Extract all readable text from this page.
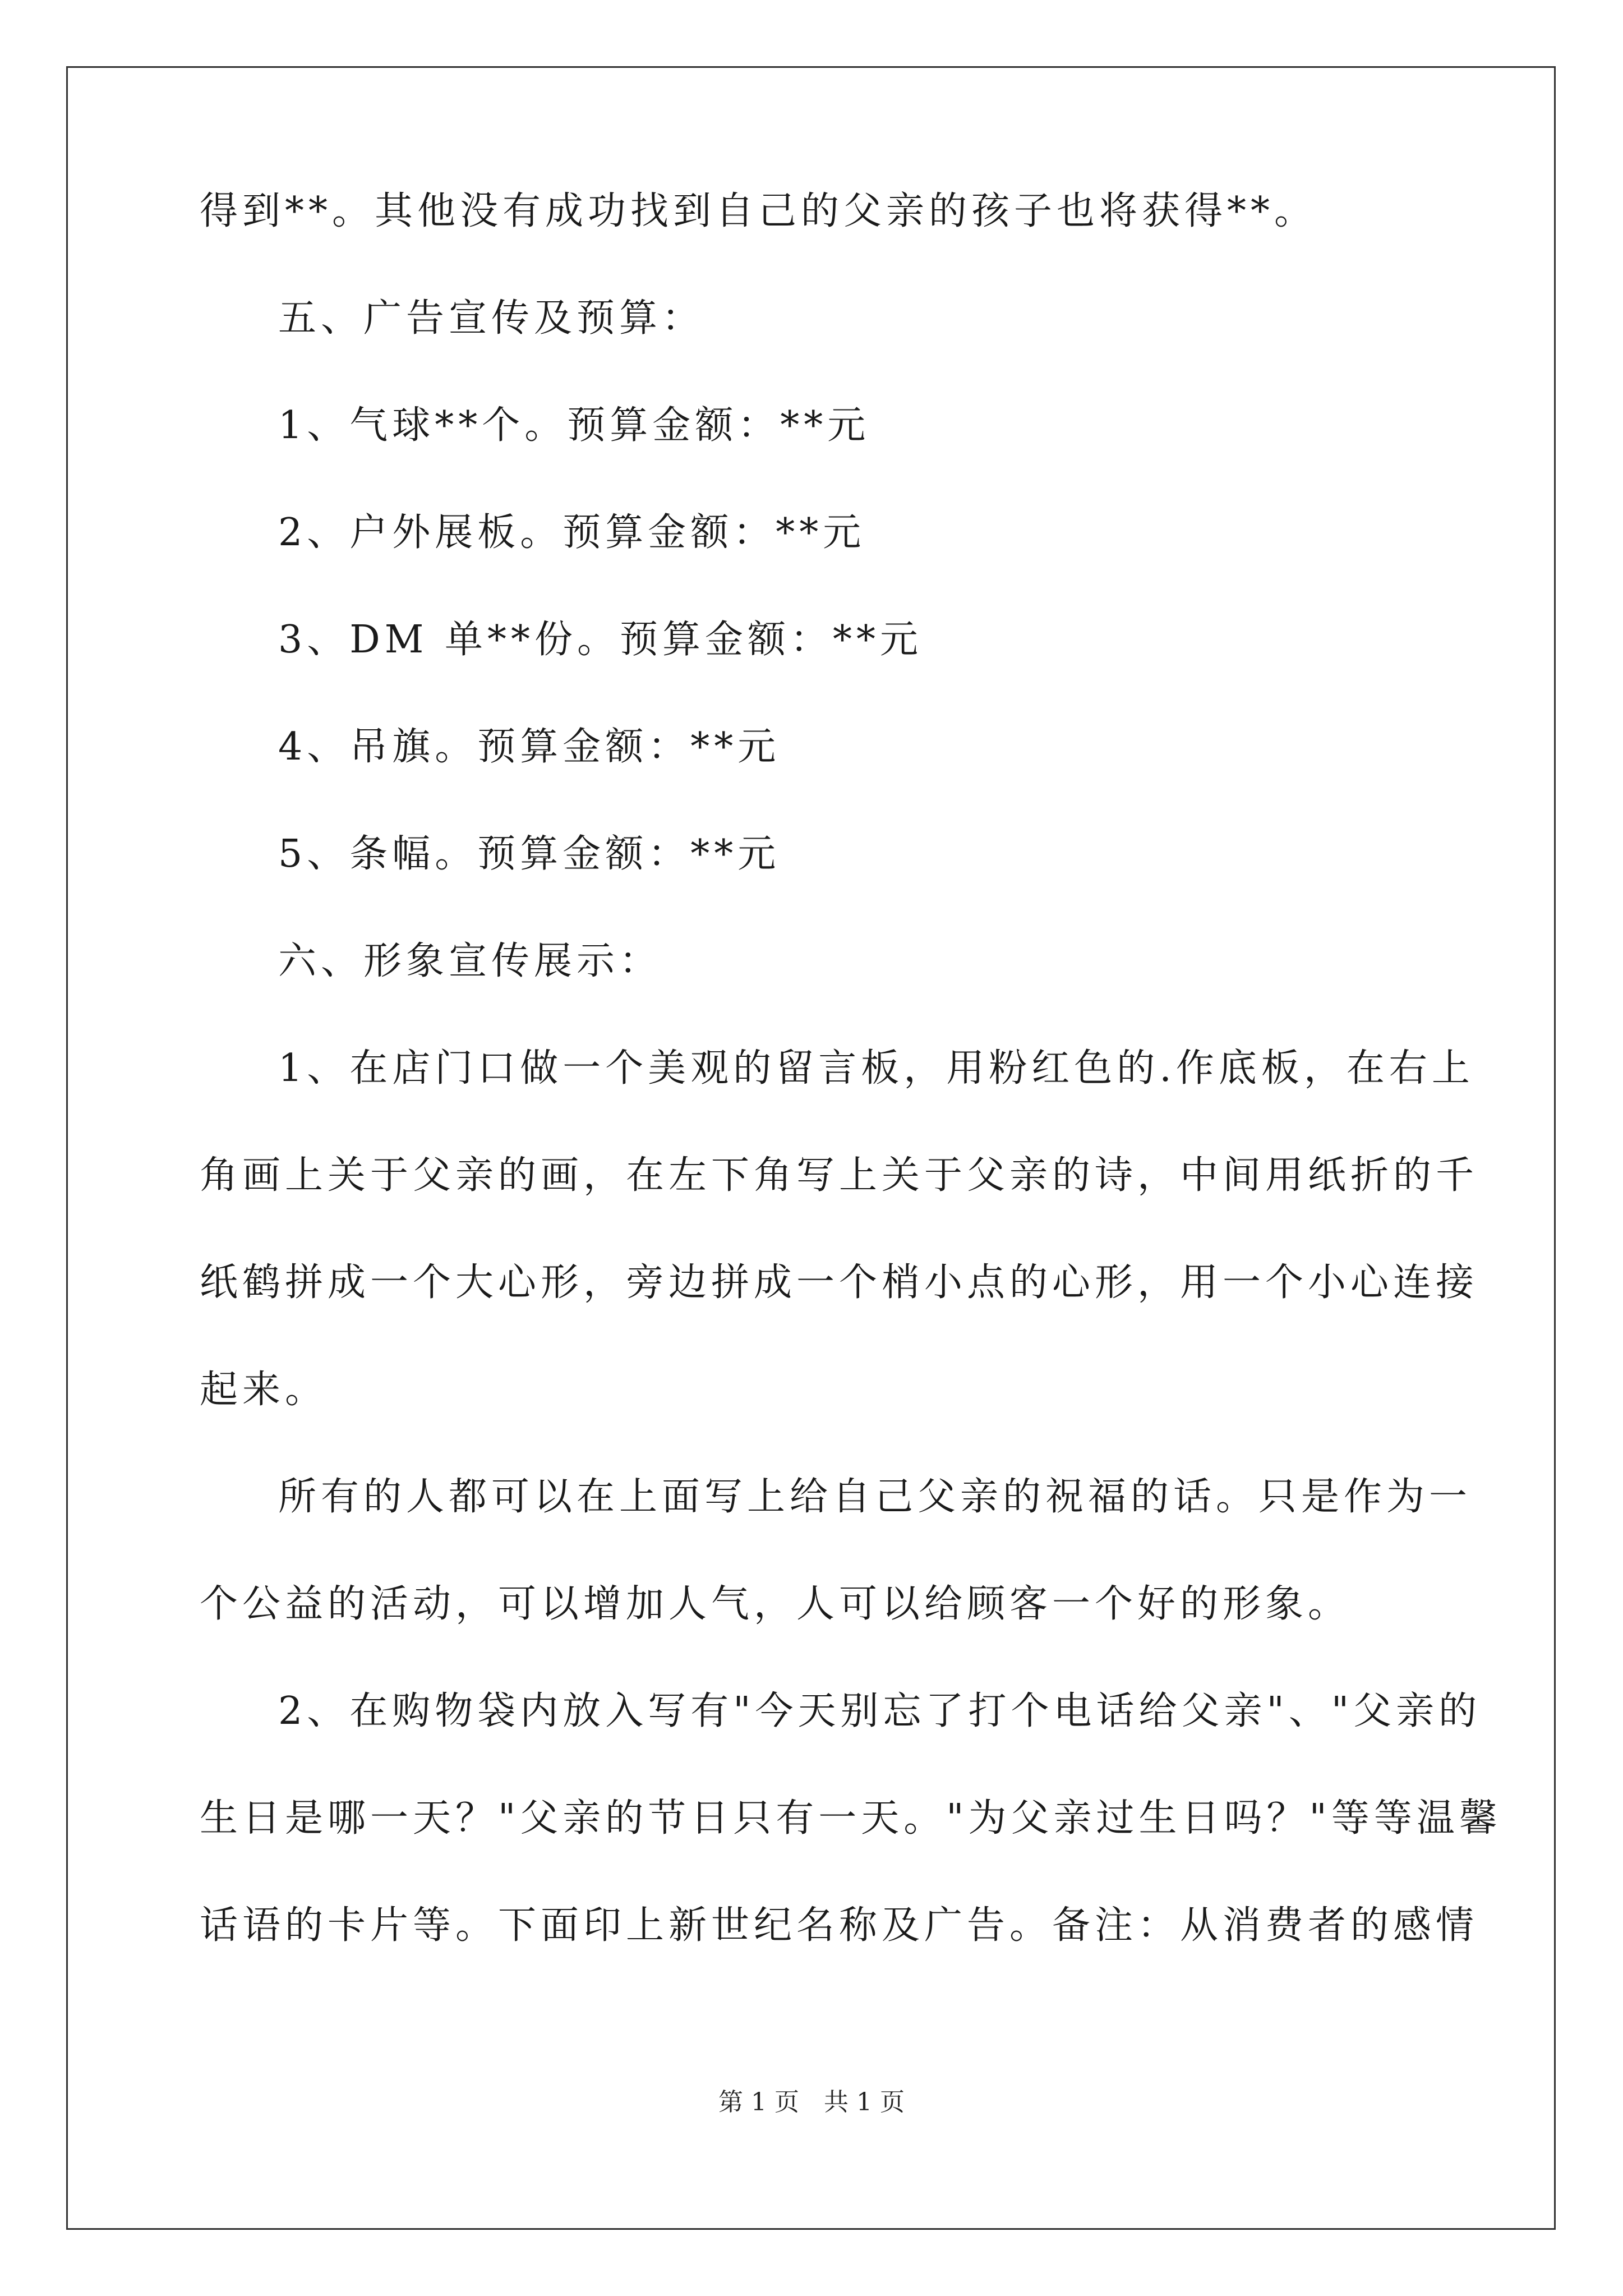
得到**。其他没有成功找到自己的父亲的孩子也将获得**。
五、广告宣传及预算：
1、气球**个。预算金额：**元
2、户外展板。预算金额：**元
3、DM 单**份。预算金额：**元
4、吊旗。预算金额：**元
5、条幅。预算金额：**元
六、形象宣传展示：
1、在店门口做一个美观的留言板，用粉红色的.作底板，在右上
角画上关于父亲的画，在左下角写上关于父亲的诗，中间用纸折的千
纸鹤拼成一个大心形，旁边拼成一个梢小点的心形，用一个小心连接
起来。
所有的人都可以在上面写上给自己父亲的祝福的话。只是作为一
个公益的活动，可以增加人气，人可以给顾客一个好的形象。
2、在购物袋内放入写有"今天别忘了打个电话给父亲"、"父亲的
生日是哪一天？"父亲的节日只有一天。"为父亲过生日吗？"等等温馨
话语的卡片等。下面印上新世纪名称及广告。备注：从消费者的感情
第 1 页　共 1 页
